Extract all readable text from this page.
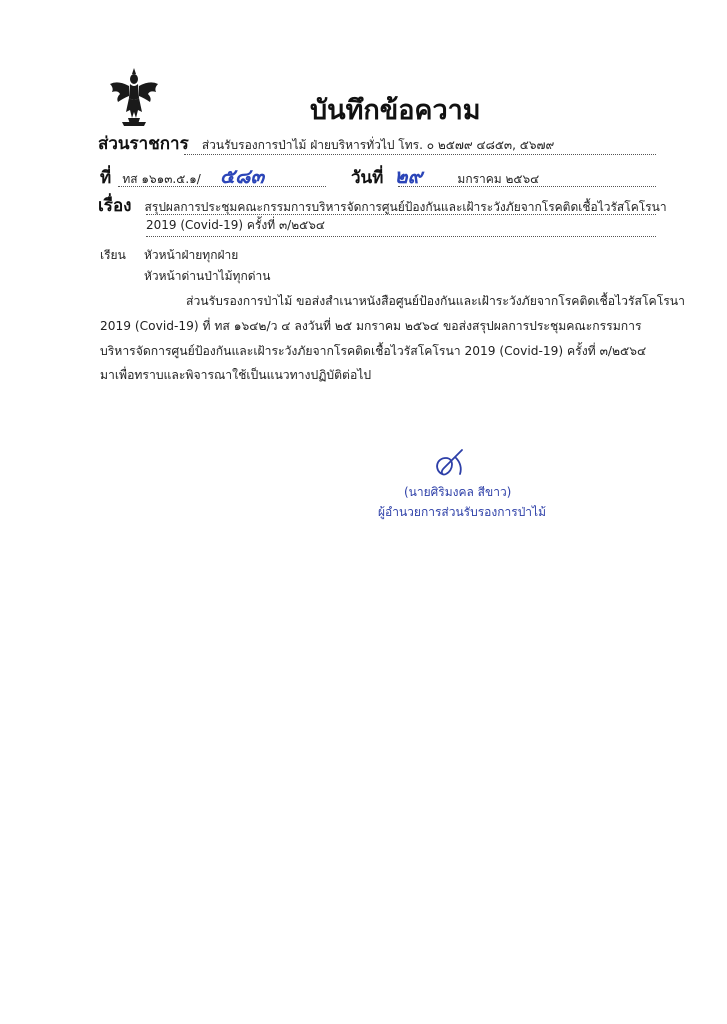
บันทึกข้อความ
ส่วนราชการ ส่วนรับรองการป่าไม้ ฝ่ายบริหารทั่วไป โทร. ๐ ๒๕๗๙ ๔๘๕๓, ๕๖๗๙
ที่ ทส ๑๖๑๓.๕.๑/ ๕๘๓	วันที่ ๒๙	มกราคม ๒๕๖๔
เรื่อง สรุปผลการประชุมคณะกรรมการบริหารจัดการศูนย์ป้องกันและเฝ้าระวังภัยจากโรคติดเชื้อไวรัสโคโรนา
2019 (Covid-19) ครั้งที่ ๓/๒๕๖๔
เรียน หัวหน้าฝ่ายทุกฝ่าย
หัวหน้าด่านป่าไม้ทุกด่าน
ส่วนรับรองการป่าไม้ ขอส่งสำเนาหนังสือศูนย์ป้องกันและเฝ้าระวังภัยจากโรคติดเชื้อไวรัสโคโรนา
2019 (Covid-19) ที่ ทส ๑๖๔๒/ว ๔ ลงวันที่ ๒๕ มกราคม ๒๕๖๔ ขอส่งสรุปผลการประชุมคณะกรรมการ
บริหารจัดการศูนย์ป้องกันและเฝ้าระวังภัยจากโรคติดเชื้อไวรัสโคโรนา 2019 (Covid-19) ครั้งที่ ๓/๒๕๖๔
มาเพื่อทราบและพิจารณาใช้เป็นแนวทางปฏิบัติต่อไป
(นายศิริมงคล สีขาว)
ผู้อำนวยการส่วนรับรองการป่าไม้
